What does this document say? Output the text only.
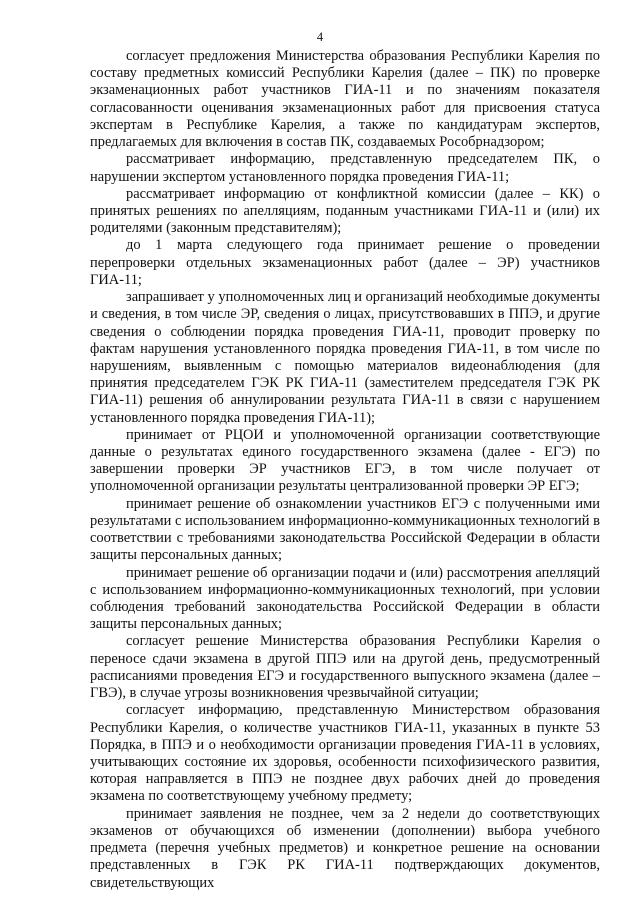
4

согласует предложения Министерства образования Республики Карелия по составу предметных комиссий Республики Карелия (далее – ПК) по проверке экзаменационных работ участников ГИА-11 и по значениям показателя согласованности оценивания экзаменационных работ для присвоения статуса экспертам в Республике Карелия, а также по кандидатурам экспертов, предлагаемых для включения в состав ПК, создаваемых Рособрнадзором;

рассматривает информацию, представленную председателем ПК, о нарушении экспертом установленного порядка проведения ГИА-11;

рассматривает информацию от конфликтной комиссии (далее – КК) о принятых решениях по апелляциям, поданным участниками ГИА-11 и (или) их родителями (законным представителям);

до 1 марта следующего года принимает решение о проведении перепроверки отдельных экзаменационных работ (далее – ЭР) участников ГИА-11;

запрашивает у уполномоченных лиц и организаций необходимые документы и сведения, в том числе ЭР, сведения о лицах, присутствовавших в ППЭ, и другие сведения о соблюдении порядка проведения ГИА-11, проводит проверку по фактам нарушения установленного порядка проведения ГИА-11, в том числе по нарушениям, выявленным с помощью материалов видеонаблюдения (для принятия председателем ГЭК РК ГИА-11 (заместителем председателя ГЭК РК ГИА-11) решения об аннулировании результата ГИА-11 в связи с нарушением установленного порядка проведения ГИА-11);

принимает от РЦОИ и уполномоченной организации соответствующие данные о результатах единого государственного экзамена (далее - ЕГЭ) по завершении проверки ЭР участников ЕГЭ, в том числе получает от уполномоченной организации результаты централизованной проверки ЭР ЕГЭ;

принимает решение об ознакомлении участников ЕГЭ с полученными ими результатами с использованием информационно-коммуникационных технологий в соответствии с требованиями законодательства Российской Федерации в области защиты персональных данных;

принимает решение об организации подачи и (или) рассмотрения апелляций с использованием информационно-коммуникационных технологий, при условии соблюдения требований законодательства Российской Федерации в области защиты персональных данных;

согласует решение Министерства образования Республики Карелия о переносе сдачи экзамена в другой ППЭ или на другой день, предусмотренный расписаниями проведения ЕГЭ и государственного выпускного экзамена (далее – ГВЭ), в случае угрозы возникновения чрезвычайной ситуации;

согласует информацию, представленную Министерством образования Республики Карелия, о количестве участников ГИА-11, указанных в пункте 53 Порядка, в ППЭ и о необходимости организации проведения ГИА-11 в условиях, учитывающих состояние их здоровья, особенности психофизического развития, которая направляется в ППЭ не позднее двух рабочих дней до проведения экзамена по соответствующему учебному предмету;

принимает заявления не позднее, чем за 2 недели до соответствующих экзаменов от обучающихся об изменении (дополнении) выбора учебного предмета (перечня учебных предметов) и конкретное решение на основании представленных в ГЭК РК ГИА-11 подтверждающих документов, свидетельствующих
